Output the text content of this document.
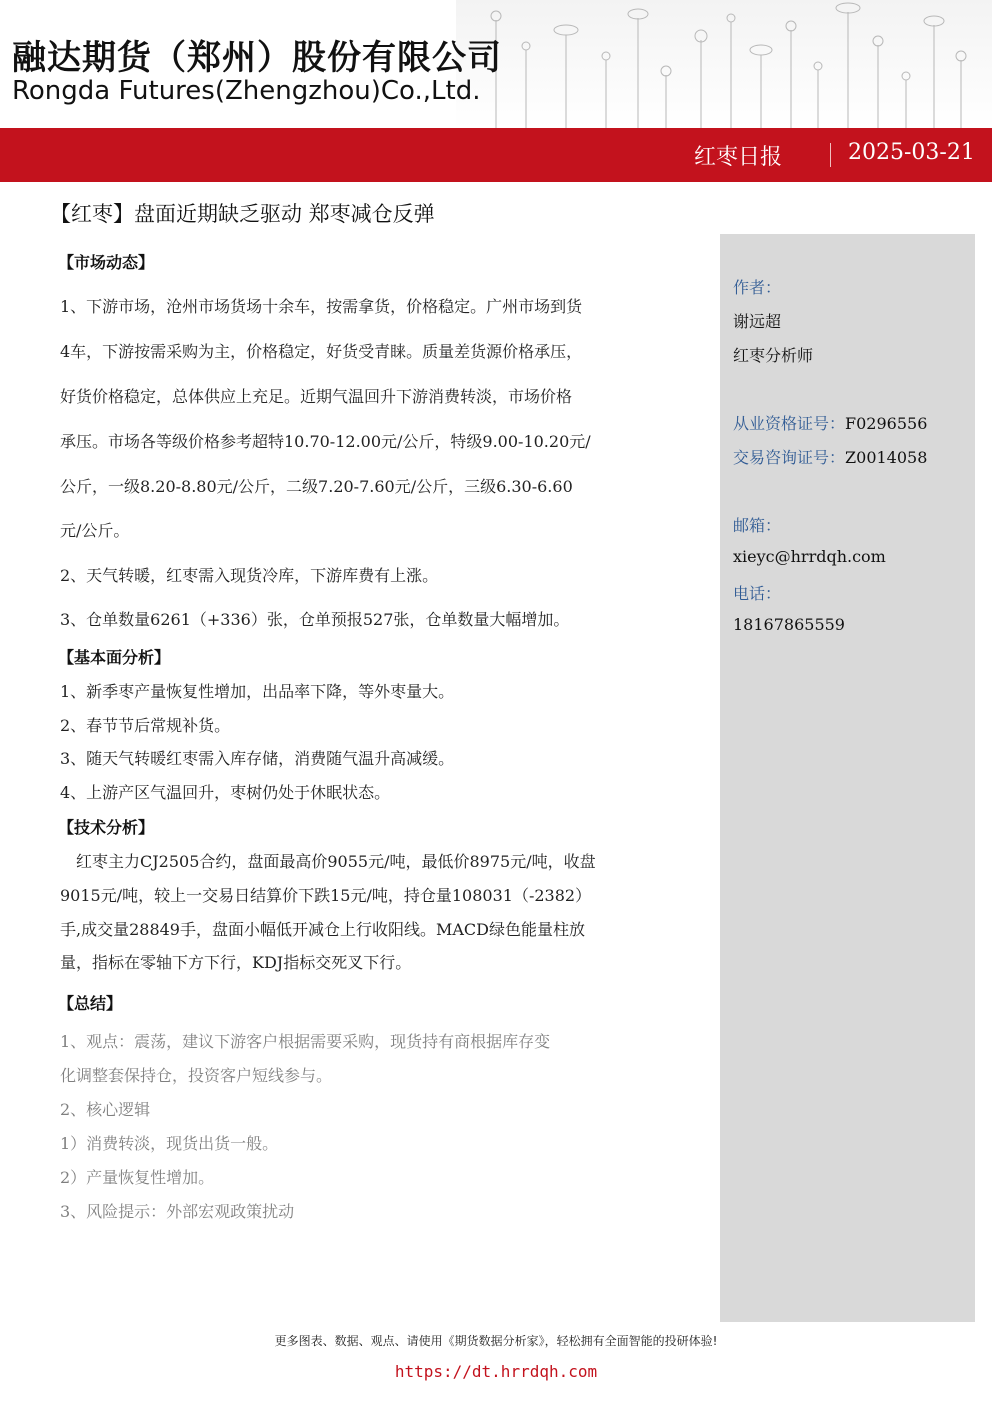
融达期货（郑州）股份有限公司
Rongda Futures(Zhengzhou)Co.,Ltd.
红枣日报	2025-03-21
【红枣】盘面近期缺乏驱动 郑枣减仓反弹
作者：
谢远超
红枣分析师
从业资格证号：F0296556
交易咨询证号：Z0014058
邮箱：
xieyc@hrrdqh.com
电话：
18167865559
【市场动态】
1、下游市场，沧州市场货场十余车，按需拿货，价格稳定。广州市场到货
4车，下游按需采购为主，价格稳定，好货受青睐。质量差货源价格承压，
好货价格稳定，总体供应上充足。近期气温回升下游消费转淡，市场价格
承压。市场各等级价格参考超特10.70-12.00元/公斤，特级9.00-10.20元/
公斤，一级8.20-8.80元/公斤，二级7.20-7.60元/公斤，三级6.30-6.60
元/公斤。
2、天气转暖，红枣需入现货冷库，下游库费有上涨。
3、仓单数量6261（+336）张，仓单预报527张，仓单数量大幅增加。
【基本面分析】
1、新季枣产量恢复性增加，出品率下降，等外枣量大。
2、春节节后常规补货。
3、随天气转暖红枣需入库存储，消费随气温升高减缓。
4、上游产区气温回升，枣树仍处于休眠状态。
【技术分析】
　红枣主力CJ2505合约，盘面最高价9055元/吨，最低价8975元/吨，收盘
9015元/吨，较上一交易日结算价下跌15元/吨，持仓量108031（-2382）
手,成交量28849手，盘面小幅低开减仓上行收阳线。MACD绿色能量柱放
量，指标在零轴下方下行，KDJ指标交死叉下行。
【总结】
1、观点：震荡，建议下游客户根据需要采购，现货持有商根据库存变
化调整套保持仓，投资客户短线参与。
2、核心逻辑
1）消费转淡，现货出货一般。
2）产量恢复性增加。
3、风险提示：外部宏观政策扰动
更多图表、数据、观点、请使用《期货数据分析家》，轻松拥有全面智能的投研体验!
https://dt.hrrdqh.com
